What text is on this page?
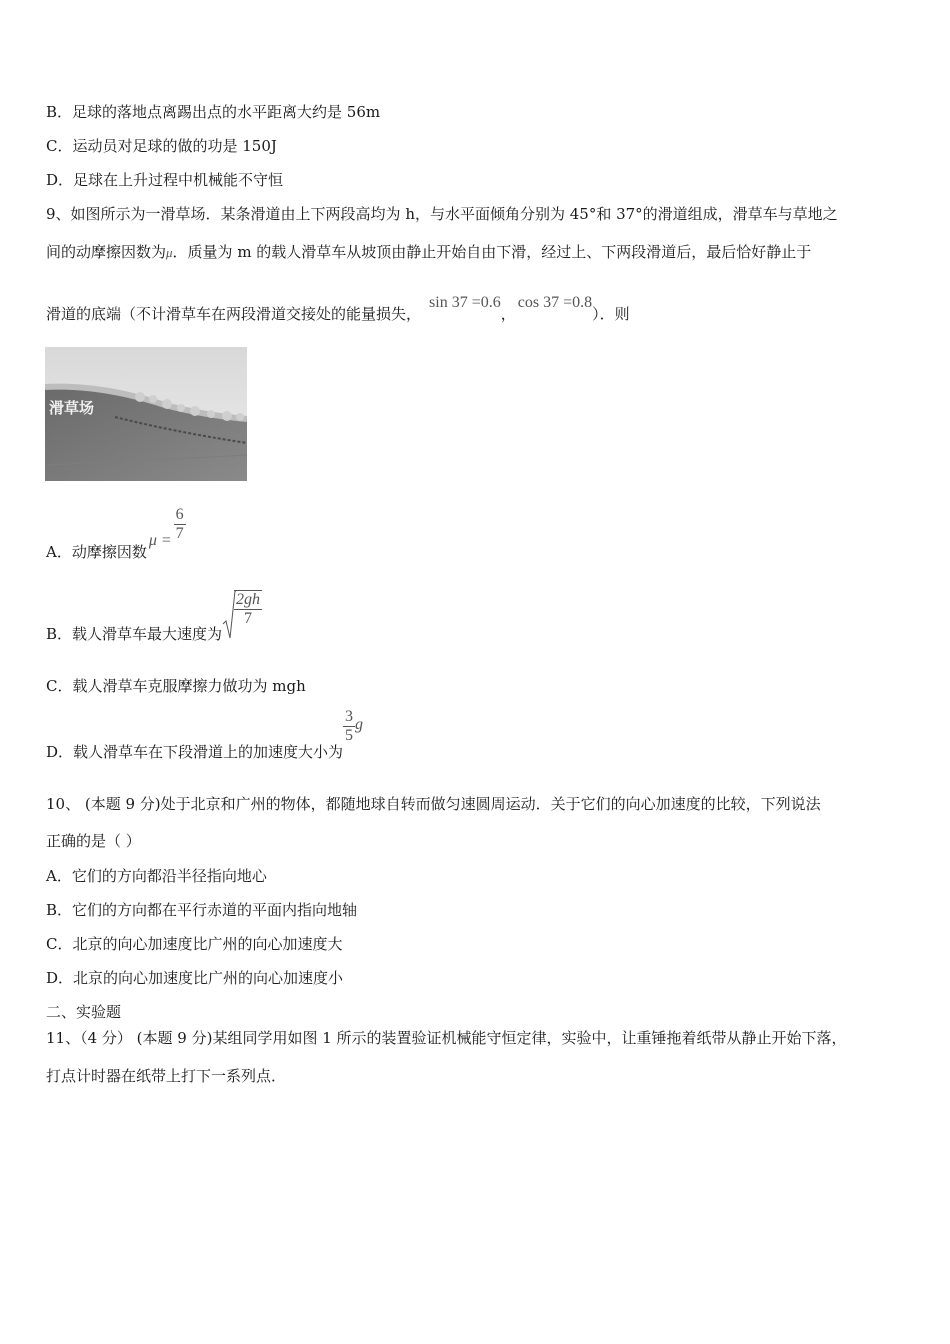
B．足球的落地点离踢出点的水平距离大约是 56m
C．运动员对足球的做的功是 150J
D．足球在上升过程中机械能不守恒
9、如图所示为一滑草场．某条滑道由上下两段高均为 h，与水平面倾角分别为 45°和 37°的滑道组成，滑草车与草地之
间的动摩擦因数为μ．质量为 m 的载人滑草车从坡顶由静止开始自由下滑，经过上、下两段滑道后，最后恰好静止于
滑道的底端（不计滑草车在两段滑道交接处的能量损失，sin 37 =0.6，cos 37 =0.8）．则
滑草场
A．动摩擦因数$\mu = \frac{6}{7}$
B．载人滑草车最大速度为
$\frac{2gh}{7}$
C．载人滑草车克服摩擦力做功为 mgh
D．载人滑草车在下段滑道上的加速度大小为
$\frac{3}{5}$ g
10、 (本题 9 分)处于北京和广州的物体，都随地球自转而做匀速圆周运动．关于它们的向心加速度的比较，下列说法
正确的是（ ）
A．它们的方向都沿半径指向地心
B．它们的方向都在平行赤道的平面内指向地轴
C．北京的向心加速度比广州的向心加速度大
D．北京的向心加速度比广州的向心加速度小
二、实验题
11、（4 分） (本题 9 分)某组同学用如图 1 所示的装置验证机械能守恒定律，实验中，让重锤拖着纸带从静止开始下落，
打点计时器在纸带上打下一系列点．
